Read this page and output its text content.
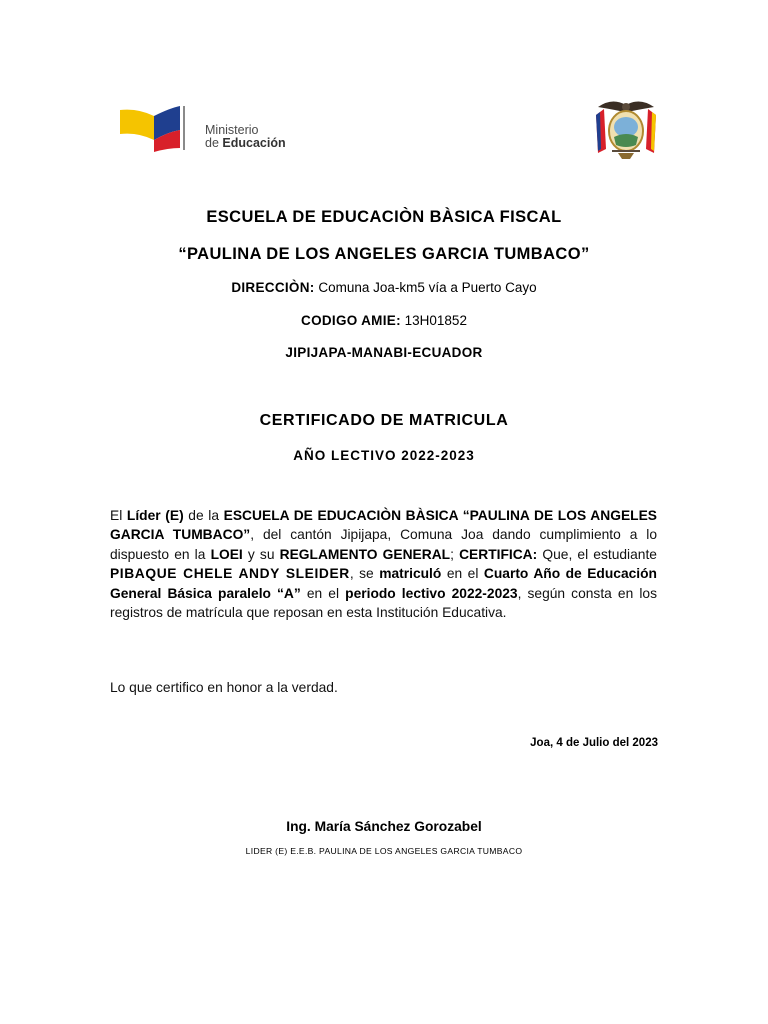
Ministerio
de Educación
ESCUELA DE EDUCACIÒN BÀSICA FISCAL
“PAULINA DE LOS ANGELES GARCIA TUMBACO”
DIRECCIÒN: Comuna Joa-km5 vía a Puerto Cayo
CODIGO AMIE: 13H01852
JIPIJAPA-MANABI-ECUADOR
CERTIFICADO DE MATRICULA
AÑO LECTIVO 2022-2023
El Líder (E) de la ESCUELA DE EDUCACIÒN BÀSICA “PAULINA DE LOS ANGELES GARCIA TUMBACO”, del cantón Jipijapa, Comuna Joa dando cumplimiento a lo dispuesto en la LOEI y su REGLAMENTO GENERAL; CERTIFICA: Que, el estudiante PIBAQUE CHELE ANDY SLEIDER, se matriculó en el Cuarto Año de Educación General Básica paralelo “A” en el periodo lectivo 2022-2023, según consta en los registros de matrícula que reposan en esta Institución Educativa.
Lo que certifico en honor a la verdad.
Joa, 4 de Julio del 2023
Ing. María Sánchez Gorozabel
LIDER (E) E.E.B. PAULINA DE LOS ANGELES GARCIA TUMBACO
